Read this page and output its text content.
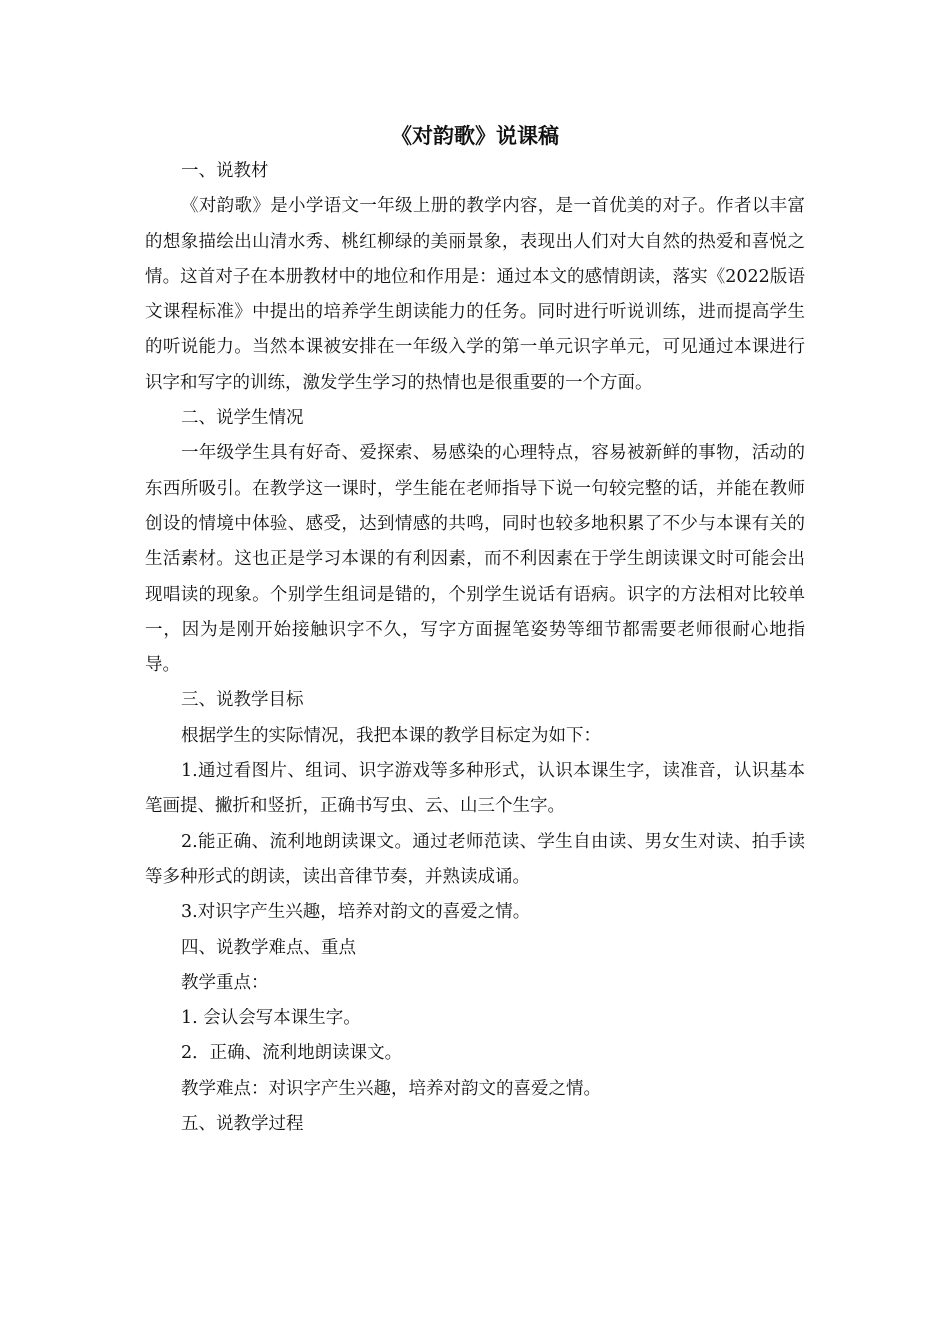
《对韵歌》说课稿

一、说教材

《对韵歌》是小学语文一年级上册的教学内容，是一首优美的对子。作者以丰富的想象描绘出山清水秀、桃红柳绿的美丽景象，表现出人们对大自然的热爱和喜悦之情。这首对子在本册教材中的地位和作用是：通过本文的感情朗读，落实《2022版语文课程标准》中提出的培养学生朗读能力的任务。同时进行听说训练，进而提高学生的听说能力。当然本课被安排在一年级入学的第一单元识字单元，可见通过本课进行识字和写字的训练，激发学生学习的热情也是很重要的一个方面。

二、说学生情况

一年级学生具有好奇、爱探索、易感染的心理特点，容易被新鲜的事物，活动的东西所吸引。在教学这一课时，学生能在老师指导下说一句较完整的话，并能在教师创设的情境中体验、感受，达到情感的共鸣，同时也较多地积累了不少与本课有关的生活素材。这也正是学习本课的有利因素，而不利因素在于学生朗读课文时可能会出现唱读的现象。个别学生组词是错的，个别学生说话有语病。识字的方法相对比较单一，因为是刚开始接触识字不久，写字方面握笔姿势等细节都需要老师很耐心地指导。

三、说教学目标

根据学生的实际情况，我把本课的教学目标定为如下：

1.通过看图片、组词、识字游戏等多种形式，认识本课生字，读准音，认识基本笔画提、撇折和竖折，正确书写虫、云、山三个生字。

2.能正确、流利地朗读课文。通过老师范读、学生自由读、男女生对读、拍手读等多种形式的朗读，读出音律节奏，并熟读成诵。

3.对识字产生兴趣，培养对韵文的喜爱之情。

四、说教学难点、重点

教学重点：

1. 会认会写本课生字。

2．正确、流利地朗读课文。

教学难点：对识字产生兴趣，培养对韵文的喜爱之情。

五、说教学过程
